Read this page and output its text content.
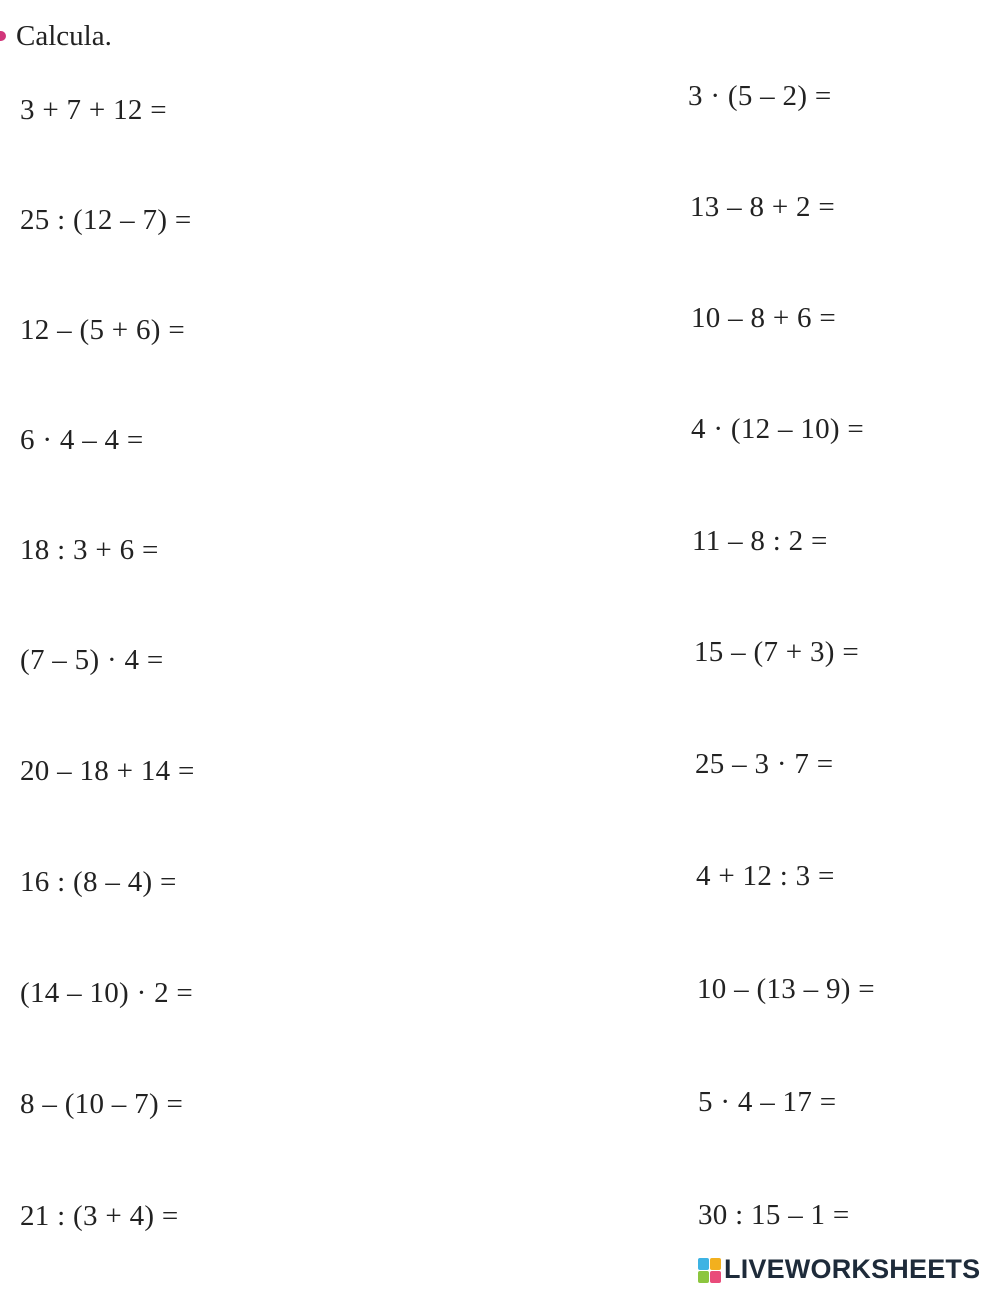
Calcula.
3 + 7 + 12 =
25 : (12 – 7) =
12 – (5 + 6) =
6 · 4 – 4 =
18 : 3 + 6 =
(7 – 5) · 4 =
20 – 18 + 14 =
16 : (8 – 4) =
(14 – 10) · 2 =
8 – (10 – 7) =
21 : (3 + 4) =
3 · (5 – 2) =
13 – 8 + 2 =
10 – 8 + 6 =
4 · (12 – 10) =
11 – 8 : 2 =
15 – (7 + 3) =
25 – 3 · 7 =
4 + 12 : 3 =
10 – (13 – 9) =
5 · 4 – 17 =
30 : 15 – 1 =
LIVEWORKSHEETS
